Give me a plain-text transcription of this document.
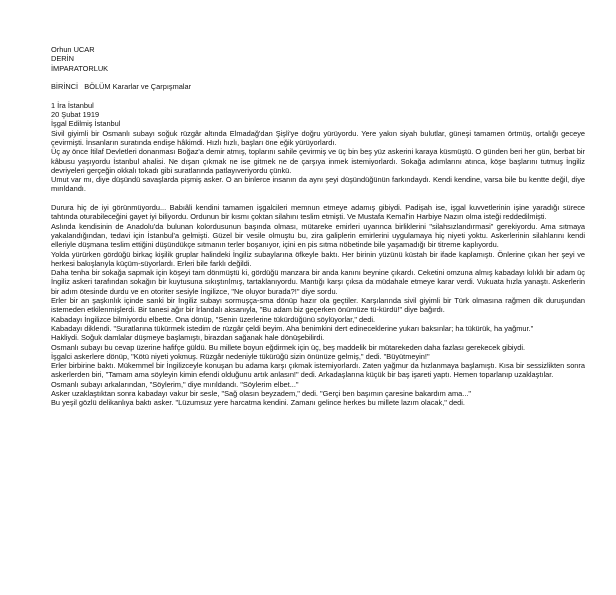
Orhun UCAR

DERİN

İMPARATORLUK

BİRİNCİ   BÖLÜM Kararlar ve Çarpışmalar

1 İra İstanbul

20 Şubat 1919

İşgal Edilmiş İstanbul

Sivil giyimli bir Osmanlı subayı soğuk rüzgâr altında Elmadağ'dan Şişli'ye doğru yürüyordu. Yere yakın siyah bulutlar, güneşi tamamen örtmüş, ortalığı geceye çevirmişti. İnsanların suratında endişe hâkimdi. Hızlı hızlı, başları öne eğik yürüyorlardı.

Üç ay önce İtilaf Devletleri donanması Boğaz'a demir atmış, toplarını sahile çevirmiş ve üç bin beş yüz askerini karaya küsmüştü. O günden beri her gün, berbat bir kâbusu yaşıyordu İstanbul ahalisi. Ne dışarı çıkmak ne ise gitmek ne de çarşıya inmek istemiyorlardı. Sokağa adımlarını atınca, köşe başlarını tutmuş İngiliz devriyeleri gerçeğin okkalı tokadı gibi suratlarında patlayıveriyordu çünkü.

Umut var mı, diye düşündü savaşlarda pişmiş asker. O an binlerce insanın da aynı şeyi düşündüğünün farkındaydı. Kendi kendine, varsa bile bu kentte değil, diye mırıldandı.

Durura hiç de iyi görünmüyordu... Babıâli kendini tamamen işgalcileri memnun etmeye adamış gibiydi. Padişah ise, işgal kuvvetlerinin işine yaradığı sürece tahtında oturabileceğini gayet iyi biliyordu. Ordunun bir kısmı çoktan silahını teslim etmişti. Ve Mustafa Kemal'in Harbiye Nazırı olma isteği reddedilmişti.

Aslında kendisinin de Anadolu'da bulunan kolordusunun başında olması, mütareke emirleri uyarınca birliklerini "silahsızlandırmasi" gerekiyordu. Ama sıtmaya yakalandığından, tedavi için İstanbul'a gelmişti. Güzel bir vesile olmuştu bu, zira galiplerin emirlerini uygulamaya hiç niyeti yoktu. Askerlerinin silahlarını kendi elleriyle düşmana teslim ettiğini düşündükçe sıtmanın terler boşanıyor, içini en pis sıtma nöbetinde bile yaşamadığı bir titreme kaplıyordu.

Yolda yürürken gördüğü birkaç kişilik gruplar halindeki İngiliz subaylarına öfkeyle baktı. Her birinin yüzünü küstah bir ifade kaplamıştı. Önlerine çıkan her şeyi ve herkesi bakışlarıyla küçüm-süyorlardı. Erleri bile farklı değildi.

Daha tenha bir sokağa sapmak için köşeyi tam dönmüştü ki, gördüğü manzara bir anda kanını beynine çıkardı. Ceketini omzuna almış kabadayı kılıklı bir adam üç İngiliz askeri tarafından sokağın bir kuytusuna sıkıştırılmış, tartaklanıyordu. Mantığı karşı çıksa da müdahale etmeye karar verdi. Vukuata hızla yanaştı. Askerlerin bir adım ötesinde durdu ve en otoriter sesiyle İngilizce, "Ne oluyor burada?!" diye sordu.

Erler bir an şaşkınlık içinde sanki bir İngiliz subayı sormuşça-sma dönüp hazır ola geçtiler. Karşılarında sivil giyimli bir Türk olmasına rağmen dik duruşundan istemeden etkilenmişlerdi. Bir tanesi ağır bir İrlandalı aksanıyla, "Bu adam biz geçerken önümüze tü-kürdü!" diye bağırdı.

Kabadayı İngilizce bilmiyordu elbette. Ona dönüp, "Senin üzerlerine tükürdüğünü söylüyorlar," dedi.

Kabadayı diklendi. "Suratlarına tükürmek istedim de rüzgâr çeldi beyim. Aha benimkini dert edineceklerine yukarı baksınlar; ha tükürük, ha yağmur."

Hakliydi. Soğuk damlalar düşmeye başlamıştı, birazdan sağanak hale dönüşebilirdi.

Osmanlı subayı bu cevap üzerine hafifçe güldü. Bu millete boyun eğdirmek için üç, beş maddelik bir mütarekeden daha fazlası gerekecek gibiydi.

İşgalci askerlere dönüp, "Kötü niyeti yokmuş. Rüzgâr nedeniyle tükürüğü sizin önünüze gelmiş," dedi. "Büyütmeyin!"

Erler birbirine baktı. Mükemmel bir İngilizceyle konuşan bu adama karşı çıkmak istemiyorlardı. Zaten yağmur da hızlanmaya başlamıştı. Kısa bir sessizlikten sonra askerlerden biri, "Tamam ama söyleyin kimin efendi olduğunu artık anlasın!" dedi. Arkadaşlarına küçük bir baş işareti yaptı. Hemen toparlanıp uzaklaştılar.

Osmanlı subayı arkalarından, "Söylerim," diye mırıldandı. "Söylerim elbet..."

Asker uzaklaştıktan sonra kabadayı vakur bir sesle, "Sağ olasın beyzadem," dedi. "Gerçi ben başımın çaresine bakardım ama..."

Bu yeşil gözlü delikanlıya baktı asker. "Lüzumsuz yere harcatma kendini. Zamanı gelince herkes bu millete lazım olacak," dedi.
